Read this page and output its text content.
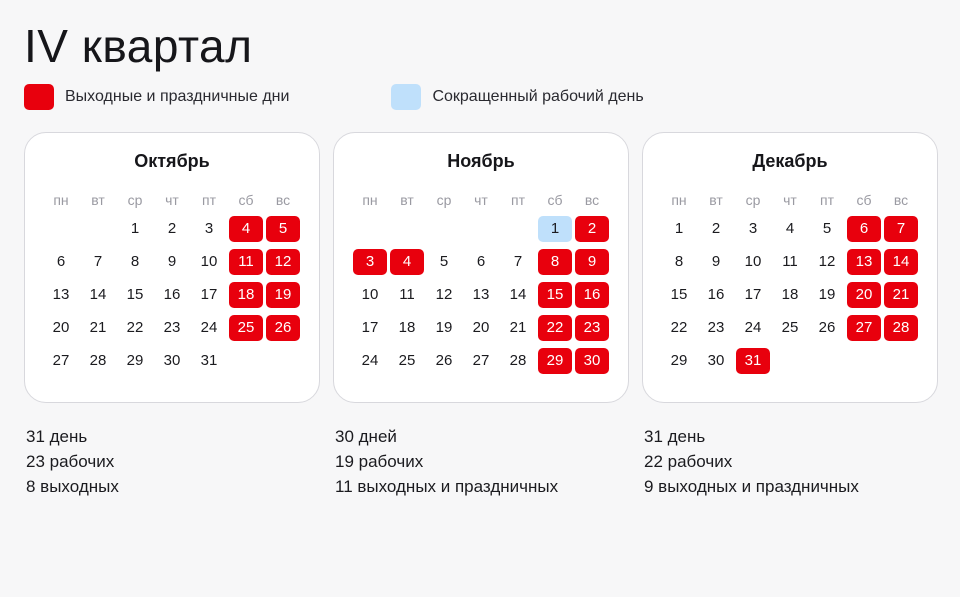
IV квартал
Выходные и праздничные дни	Сокращенный рабочий день
Октябрь
пн	вт	ср	чт	пт	сб	вс

		1	2	3	4	5

6	7	8	9	10	11	12

13	14	15	16	17	18	19

20	21	22	23	24	25	26

27	28	29	30	31		

Ноябрь
пн	вт	ср	чт	пт	сб	вс

					1	2

3	4	5	6	7	8	9

10	11	12	13	14	15	16

17	18	19	20	21	22	23

24	25	26	27	28	29	30
Декабрь
пн	вт	ср	чт	пт	сб	вс

1	2	3	4	5	6	7

8	9	10	11	12	13	14

15	16	17	18	19	20	21

22	23	24	25	26	27	28

29	30	31				

31 день
23 рабочих
8 выходных
30 дней
19 рабочих
11 выходных и праздничных
31 день
22 рабочих
9 выходных и праздничных
